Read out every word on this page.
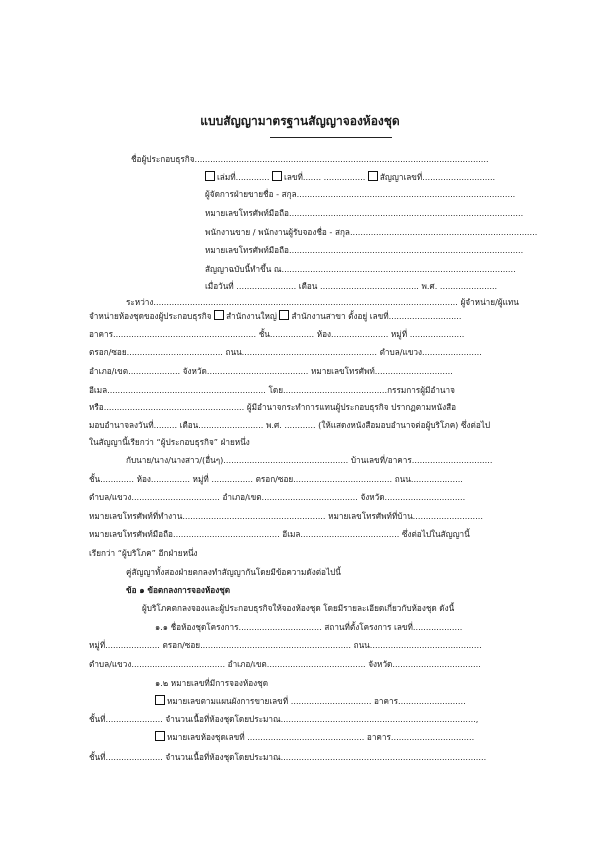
แบบสัญญามาตรฐานสัญญาจองห้องชุด
ชื่อผู้ประกอบธุรกิจ.................................................................................................................
เล่มที่............. เลขที่....... ................ สัญญาเลขที่............................
ผู้จัดการฝ่ายขายชื่อ - สกุล....................................................................................
หมายเลขโทรศัพท์มือถือ..........................................................................................
พนักงานขาย / พนักงานผู้รับจองชื่อ - สกุล........................................................................
หมายเลขโทรศัพท์มือถือ..........................................................................................
สัญญาฉบับนี้ทำขึ้น ณ..........................................................................................
เมื่อวันที่ ....................... เดือน ...................................... พ.ศ. ......................
ระหว่าง..................................................................................................................... ผู้จำหน่าย/ผู้แทน
จำหน่ายห้องชุดของผู้ประกอบธุรกิจ สำนักงานใหญ่ สำนักงานสาขา ตั้งอยู่ เลขที่............................
อาคาร....................................................... ชั้น................. ห้อง...................... หมู่ที่ .....................
ตรอก/ซอย..................................... ถนน.................................................... ตำบล/แขวง.......................
อำเภอ/เขต.................... จังหวัด....................................... หมายเลขโทรศัพท์..............................
อีเมล............................................................. โดย........................................กรรมการผู้มีอำนาจ
หรือ...................................................... ผู้มีอำนาจกระทำการแทนผู้ประกอบธุรกิจ ปรากฏตามหนังสือ
มอบอำนาจลงวันที่......... เดือน......................... พ.ศ. ............ (ให้แสดงหนังสือมอบอำนาจต่อผู้บริโภค) ซึ่งต่อไป
ในสัญญานี้เรียกว่า “ผู้ประกอบธุรกิจ” ฝ่ายหนึ่ง
กับนาย/นาง/นางสาว/(อื่นๆ)................................................ บ้านเลขที่/อาคาร...............................
ชั้น............. ห้อง............... หมู่ที่ ................ ตรอก/ซอย...................................... ถนน....................
ตำบล/แขวง.................................. อำเภอ/เขต..................................... จังหวัด...............................
หมายเลขโทรศัพท์ที่ทำงาน....................................................... หมายเลขโทรศัพท์ที่บ้าน...........................
หมายเลขโทรศัพท์มือถือ......................................... อีเมล...................................... ซึ่งต่อไปในสัญญานี้
เรียกว่า “ผู้บริโภค” อีกฝ่ายหนึ่ง
คู่สัญญาทั้งสองฝ่ายตกลงทำสัญญากันโดยมีข้อความดังต่อไปนี้
ข้อ ๑ ข้อตกลงการจองห้องชุด
ผู้บริโภคตกลงจองและผู้ประกอบธุรกิจให้จองห้องชุด โดยมีรายละเอียดเกี่ยวกับห้องชุด ดังนี้
๑.๑ ชื่อห้องชุดโครงการ................................ สถานที่ตั้งโครงการ เลขที่...................
หมู่ที่..................... ตรอก/ซอย.......................................................... ถนน...........................................
ตำบล/แขวง.................................... อำเภอ/เขต...................................... จังหวัด..................................
๑.๒ หมายเลขที่มีการจองห้องชุด
หมายเลขตามแผนผังการขายเลขที่ ............................... อาคาร..........................
ชั้นที่...................... จำนวนเนื้อที่ห้องชุดโดยประมาณ...........................................................................,
หมายเลขห้องชุดเลขที่ ............................................. อาคาร................................
ชั้นที่...................... จำนวนเนื้อที่ห้องชุดโดยประมาณ...............................................................................
